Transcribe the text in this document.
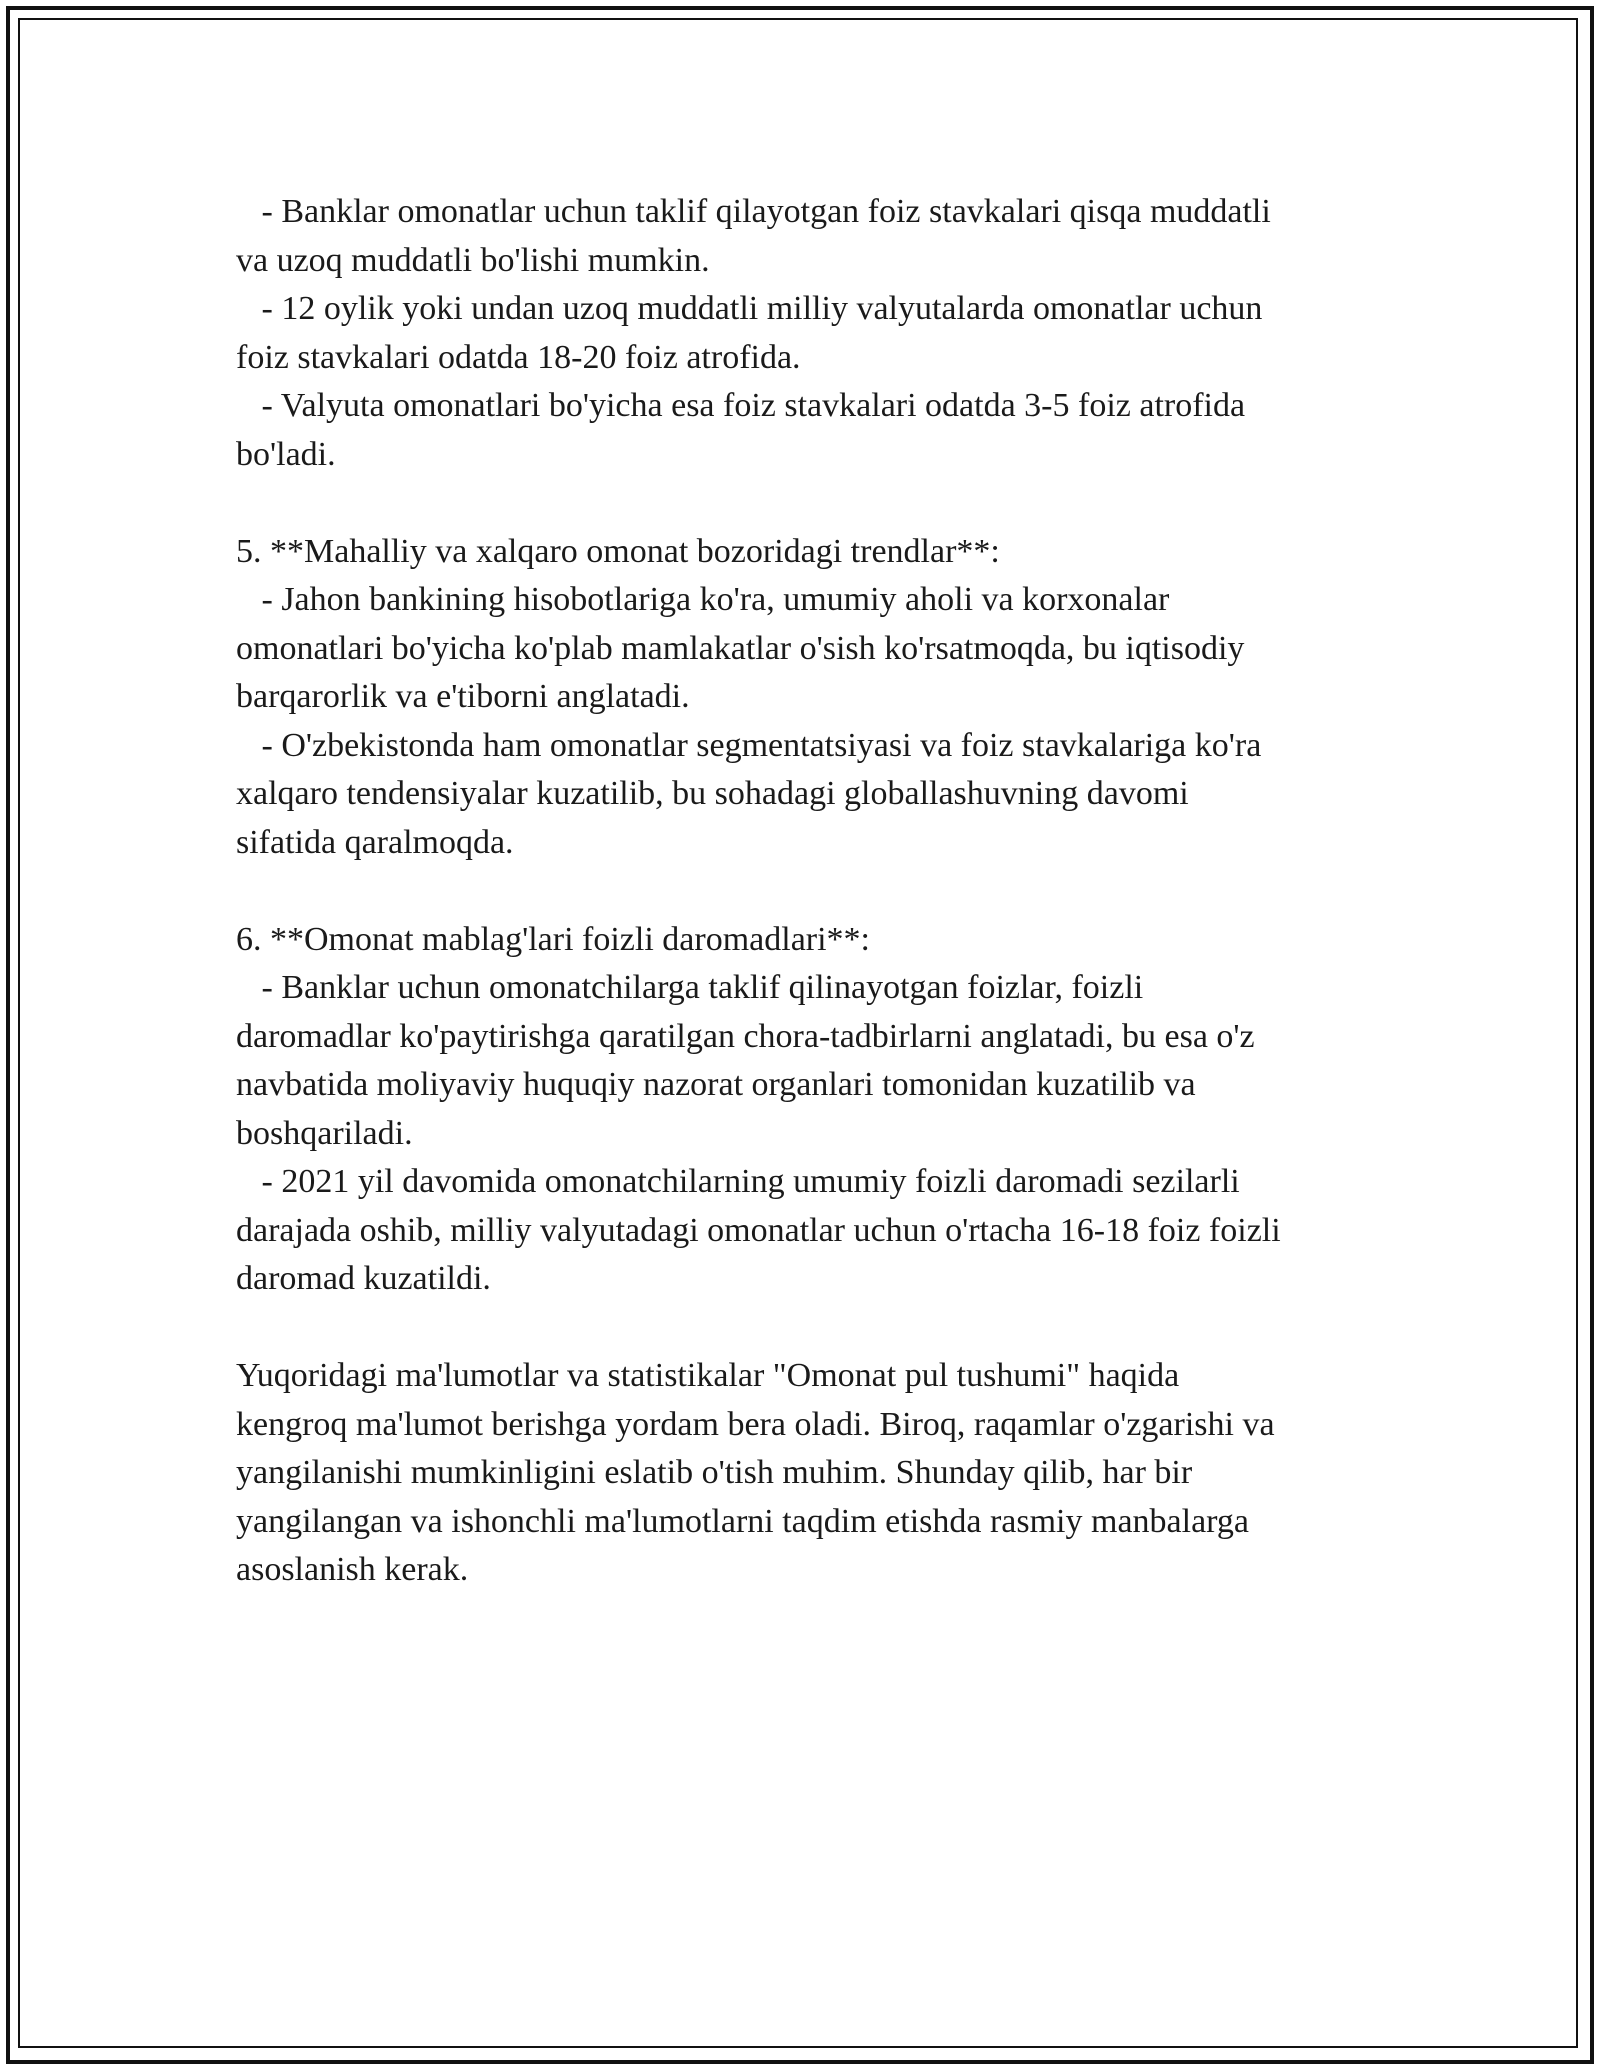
- Banklar omonatlar uchun taklif qilayotgan foiz stavkalari qisqa muddatli
va uzoq muddatli bo'lishi mumkin.
- 12 oylik yoki undan uzoq muddatli milliy valyutalarda omonatlar uchun
foiz stavkalari odatda 18-20 foiz atrofida.
- Valyuta omonatlari bo'yicha esa foiz stavkalari odatda 3-5 foiz atrofida
bo'ladi.
5. **Mahalliy va xalqaro omonat bozoridagi trendlar**:
- Jahon bankining hisobotlariga ko'ra, umumiy aholi va korxonalar
omonatlari bo'yicha ko'plab mamlakatlar o'sish ko'rsatmoqda, bu iqtisodiy
barqarorlik va e'tiborni anglatadi.
- O'zbekistonda ham omonatlar segmentatsiyasi va foiz stavkalariga ko'ra
xalqaro tendensiyalar kuzatilib, bu sohadagi globallashuvning davomi
sifatida qaralmoqda.
6. **Omonat mablag'lari foizli daromadlari**:
- Banklar uchun omonatchilarga taklif qilinayotgan foizlar, foizli
daromadlar ko'paytirishga qaratilgan chora-tadbirlarni anglatadi, bu esa o'z
navbatida moliyaviy huquqiy nazorat organlari tomonidan kuzatilib va
boshqariladi.
- 2021 yil davomida omonatchilarning umumiy foizli daromadi sezilarli
darajada oshib, milliy valyutadagi omonatlar uchun o'rtacha 16-18 foiz foizli
daromad kuzatildi.
Yuqoridagi ma'lumotlar va statistikalar "Omonat pul tushumi" haqida
kengroq ma'lumot berishga yordam bera oladi. Biroq, raqamlar o'zgarishi va
yangilanishi mumkinligini eslatib o'tish muhim. Shunday qilib, har bir
yangilangan va ishonchli ma'lumotlarni taqdim etishda rasmiy manbalarga
asoslanish kerak.
